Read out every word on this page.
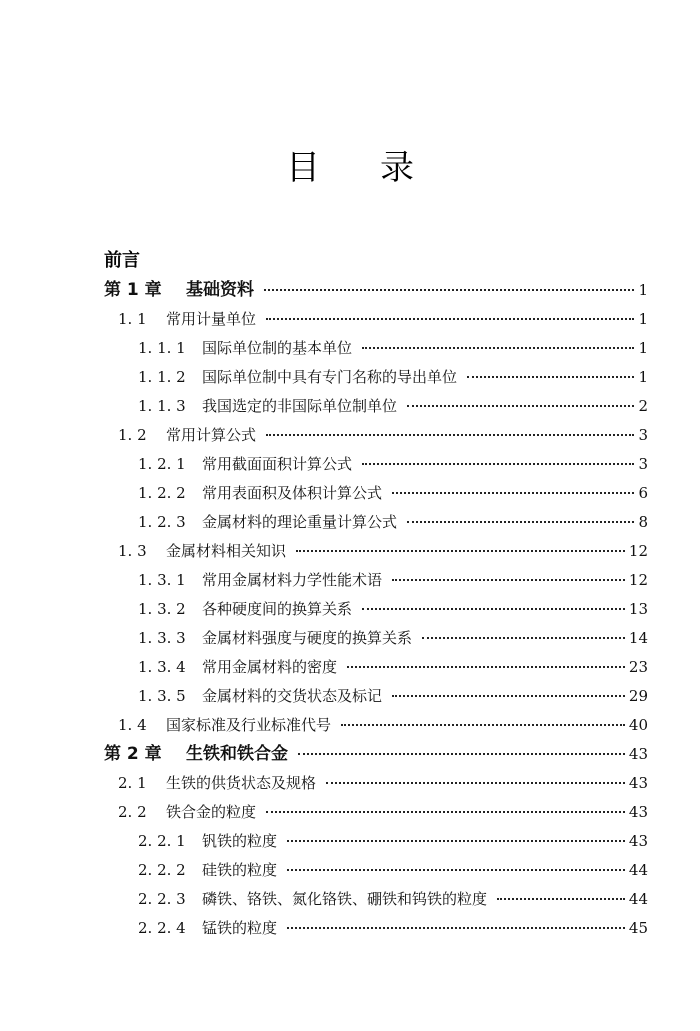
目 录
前言
第 1 章	基础资料	1
1. 1	常用计量单位	1
1. 1. 1	国际单位制的基本单位	1
1. 1. 2	国际单位制中具有专门名称的导出单位	1
1. 1. 3	我国选定的非国际单位制单位	2
1. 2	常用计算公式	3
1. 2. 1	常用截面面积计算公式	3
1. 2. 2	常用表面积及体积计算公式	6
1. 2. 3	金属材料的理论重量计算公式	8
1. 3	金属材料相关知识	12
1. 3. 1	常用金属材料力学性能术语	12
1. 3. 2	各种硬度间的换算关系	13
1. 3. 3	金属材料强度与硬度的换算关系	14
1. 3. 4	常用金属材料的密度	23
1. 3. 5	金属材料的交货状态及标记	29
1. 4	国家标准及行业标准代号	40
第 2 章	生铁和铁合金	43
2. 1	生铁的供货状态及规格	43
2. 2	铁合金的粒度	43
2. 2. 1	钒铁的粒度	43
2. 2. 2	硅铁的粒度	44
2. 2. 3	磷铁、铬铁、氮化铬铁、硼铁和钨铁的粒度	44
2. 2. 4	锰铁的粒度	45
